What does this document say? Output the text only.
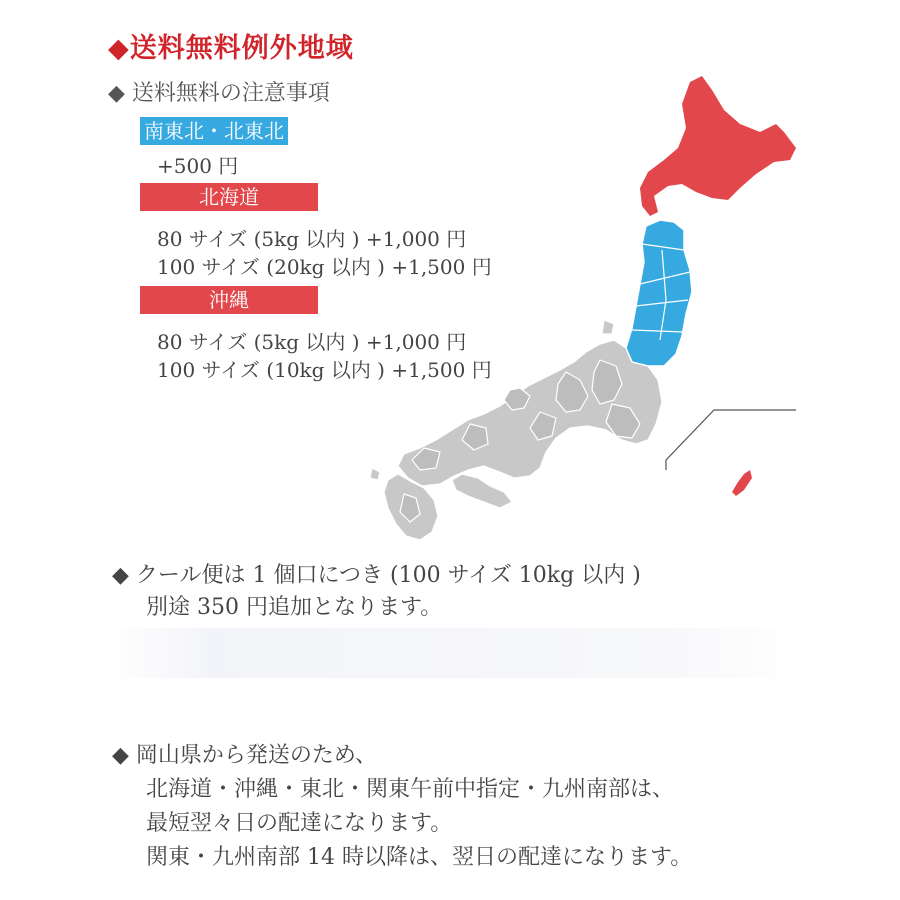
◆送料無料例外地域
◆ 送料無料の注意事項
南東北・北東北
+500 円
北海道
80 サイズ (5kg 以内 ) +1,000 円
100 サイズ (20kg 以内 ) +1,500 円
沖縄
80 サイズ (5kg 以内 ) +1,000 円
100 サイズ (10kg 以内 ) +1,500 円
◆ クール便は 1 個口につき (100 サイズ 10kg 以内 )
別途 350 円追加となります。
◆ 岡山県から発送のため、
北海道・沖縄・東北・関東午前中指定・九州南部は、
最短翌々日の配達になります。
関東・九州南部 14 時以降は、翌日の配達になります。
